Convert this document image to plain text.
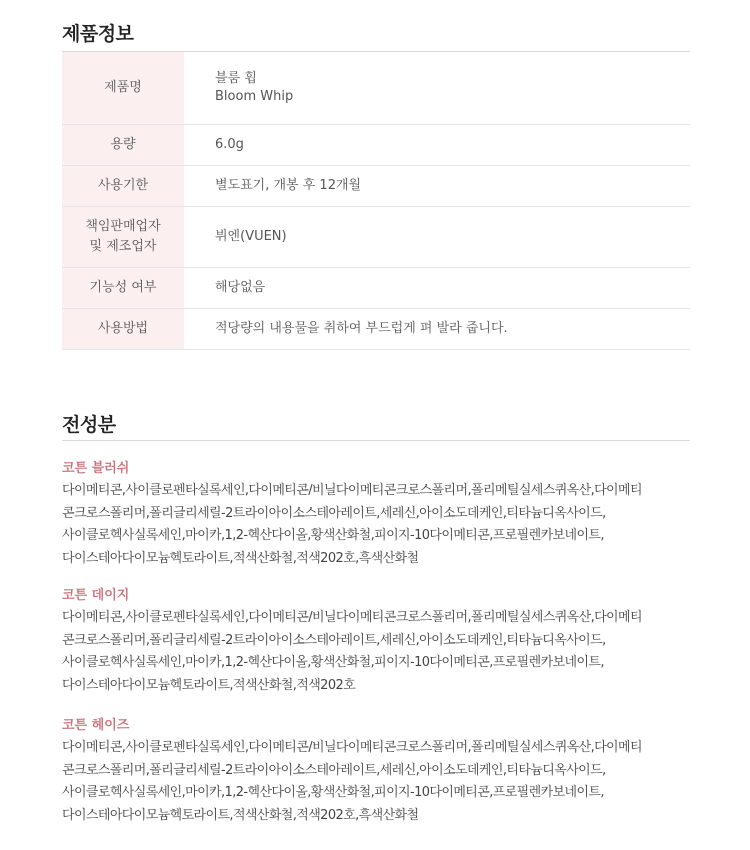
제품정보
제품명	블룸 휩
Bloom Whip

용량	6.0g
사용기한	별도표기, 개봉 후 12개월

책임판매업자
및 제조업자	뷔엔(VUEN)
기능성 여부	해당없음
사용방법	적당량의 내용물을 취하여 부드럽게 펴 발라 줍니다.
전성분

코튼 블러쉬

다이메티콘,사이클로펜타실록세인,다이메티콘/비닐다이메티콘크로스폴리머,폴리메틸실세스퀴옥산,다이메티
콘크로스폴리머,폴리글리세릴-2트라이아이소스테아레이트,세레신,아이소도데케인,티타늄디옥사이드,
사이클로헥사실록세인,마이카,1,2-헥산다이올,황색산화철,피이지-10다이메티콘,프로필렌카보네이트,
다이스테아다이모늄헥토라이트,적색산화철,적색202호,흑색산화철

코튼 데이지

다이메티콘,사이클로펜타실록세인,다이메티콘/비닐다이메티콘크로스폴리머,폴리메틸실세스퀴옥산,다이메티
콘크로스폴리머,폴리글리세릴-2트라이아이소스테아레이트,세레신,아이소도데케인,티타늄디옥사이드,
사이클로헥사실록세인,마이카,1,2-헥산다이올,황색산화철,피이지-10다이메티콘,프로필렌카보네이트,
다이스테아다이모늄헥토라이트,적색산화철,적색202호

코튼 헤이즈

다이메티콘,사이클로펜타실록세인,다이메티콘/비닐다이메티콘크로스폴리머,폴리메틸실세스퀴옥산,다이메티
콘크로스폴리머,폴리글리세릴-2트라이아이소스테아레이트,세레신,아이소도데케인,티타늄디옥사이드,
사이클로헥사실록세인,마이카,1,2-헥산다이올,황색산화철,피이지-10다이메티콘,프로필렌카보네이트,
다이스테아다이모늄헥토라이트,적색산화철,적색202호,흑색산화철
